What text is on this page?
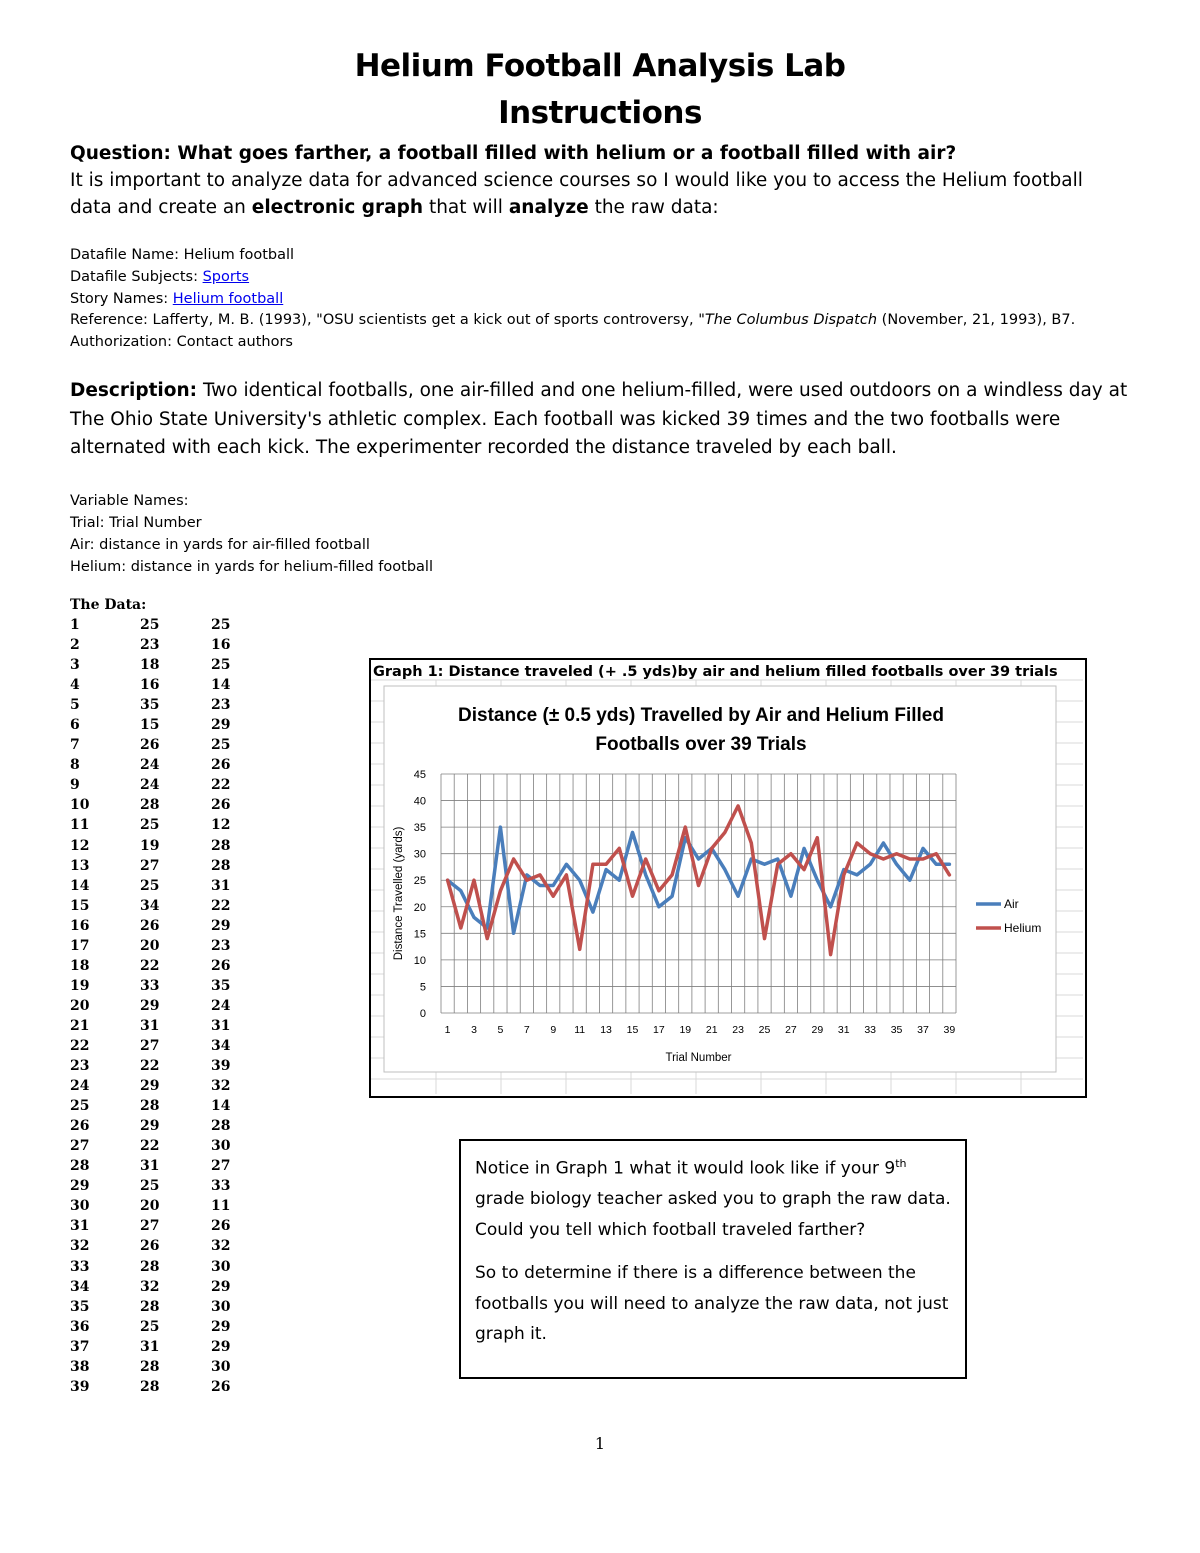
Helium Football Analysis Lab
Instructions
Question: What goes farther, a football filled with helium or a football filled with air?
It is important to analyze data for advanced science courses so I would like you to access the Helium football data and create an electronic graph that will analyze the raw data:
Datafile Name: Helium football
Datafile Subjects: Sports
Story Names: Helium football
Reference: Lafferty, M. B. (1993), "OSU scientists get a kick out of sports controversy, "The Columbus Dispatch (November, 21, 1993), B7.
Authorization: Contact authors
Description: Two identical footballs, one air-filled and one helium-filled, were used outdoors on a windless day at The Ohio State University's athletic complex. Each football was kicked 39 times and the two footballs were alternated with each kick. The experimenter recorded the distance traveled by each ball.
Variable Names:
Trial: Trial Number
Air: distance in yards for air-filled football
Helium: distance in yards for helium-filled football
The Data:
1	25	25
2	23	16
3	18	25
4	16	14
5	35	23
6	15	29
7	26	25
8	24	26
9	24	22
10	28	26
11	25	12
12	19	28
13	27	28
14	25	31
15	34	22
16	26	29
17	20	23
18	22	26
19	33	35
20	29	24
21	31	31
22	27	34
23	22	39
24	29	32
25	28	14
26	29	28
27	22	30
28	31	27
29	25	33
30	20	11
31	27	26
32	26	32
33	28	30
34	32	29
35	28	30
36	25	29
37	31	29
38	28	30
39	28	26
0
5
10
15
20
25
30
35
40
45
1 3 5 7 9 11 13 15 17 19 21 23 25 27 29 31 33 35 37 39
Distance (± 0.5 yds) Travelled by Air and Helium Filled
Footballs over 39 Trials
Trial Number
Distance Travelled (yards)	Air
Helium
Graph 1: Distance traveled (+ .5 yds)by air and helium filled footballs over 39 trials

Notice in Graph 1 what it would look like if your 9th grade biology teacher asked you to graph the raw data. Could you tell which football traveled farther?

So to determine if there is a difference between the footballs you will need to analyze the raw data, not just graph it.

1
